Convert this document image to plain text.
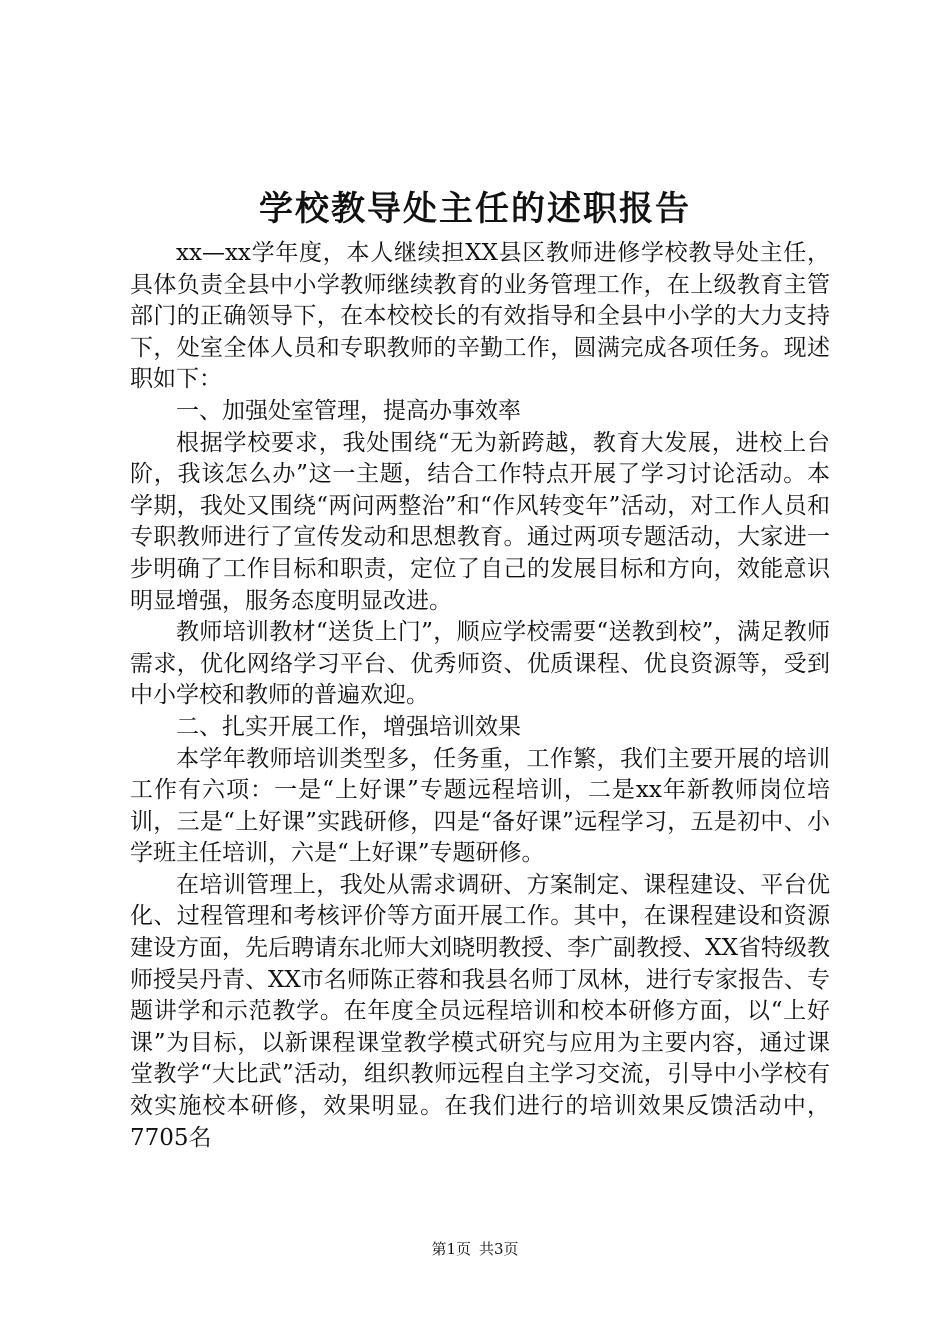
学校教导处主任的述职报告

xx—xx学年度，本人继续担XX县区教师进修学校教导处主任，具体负责全县中小学教师继续教育的业务管理工作，在上级教育主管部门的正确领导下，在本校校长的有效指导和全县中小学的大力支持下，处室全体人员和专职教师的辛勤工作，圆满完成各项任务。现述职如下：

一、加强处室管理，提高办事效率

根据学校要求，我处围绕“无为新跨越，教育大发展，进校上台阶，我该怎么办”这一主题，结合工作特点开展了学习讨论活动。本学期，我处又围绕“两问两整治”和“作风转变年”活动，对工作人员和专职教师进行了宣传发动和思想教育。通过两项专题活动，大家进一步明确了工作目标和职责，定位了自己的发展目标和方向，效能意识明显增强，服务态度明显改进。

教师培训教材“送货上门”，顺应学校需要“送教到校”，满足教师需求，优化网络学习平台、优秀师资、优质课程、优良资源等，受到中小学校和教师的普遍欢迎。

二、扎实开展工作，增强培训效果

本学年教师培训类型多，任务重，工作繁，我们主要开展的培训工作有六项：一是“上好课”专题远程培训，二是xx年新教师岗位培训，三是“上好课”实践研修，四是“备好课”远程学习，五是初中、小学班主任培训，六是“上好课”专题研修。

在培训管理上，我处从需求调研、方案制定、课程建设、平台优化、过程管理和考核评价等方面开展工作。其中，在课程建设和资源建设方面，先后聘请东北师大刘晓明教授、李广副教授、XX省特级教师授吴丹青、XX市名师陈正蓉和我县名师丁凤林，进行专家报告、专题讲学和示范教学。在年度全员远程培训和校本研修方面，以“上好课”为目标，以新课程课堂教学模式研究与应用为主要内容，通过课堂教学“大比武”活动，组织教师远程自主学习交流，引导中小学校有效实施校本研修，效果明显。在我们进行的培训效果反馈活动中，7705名

第1页 共3页
